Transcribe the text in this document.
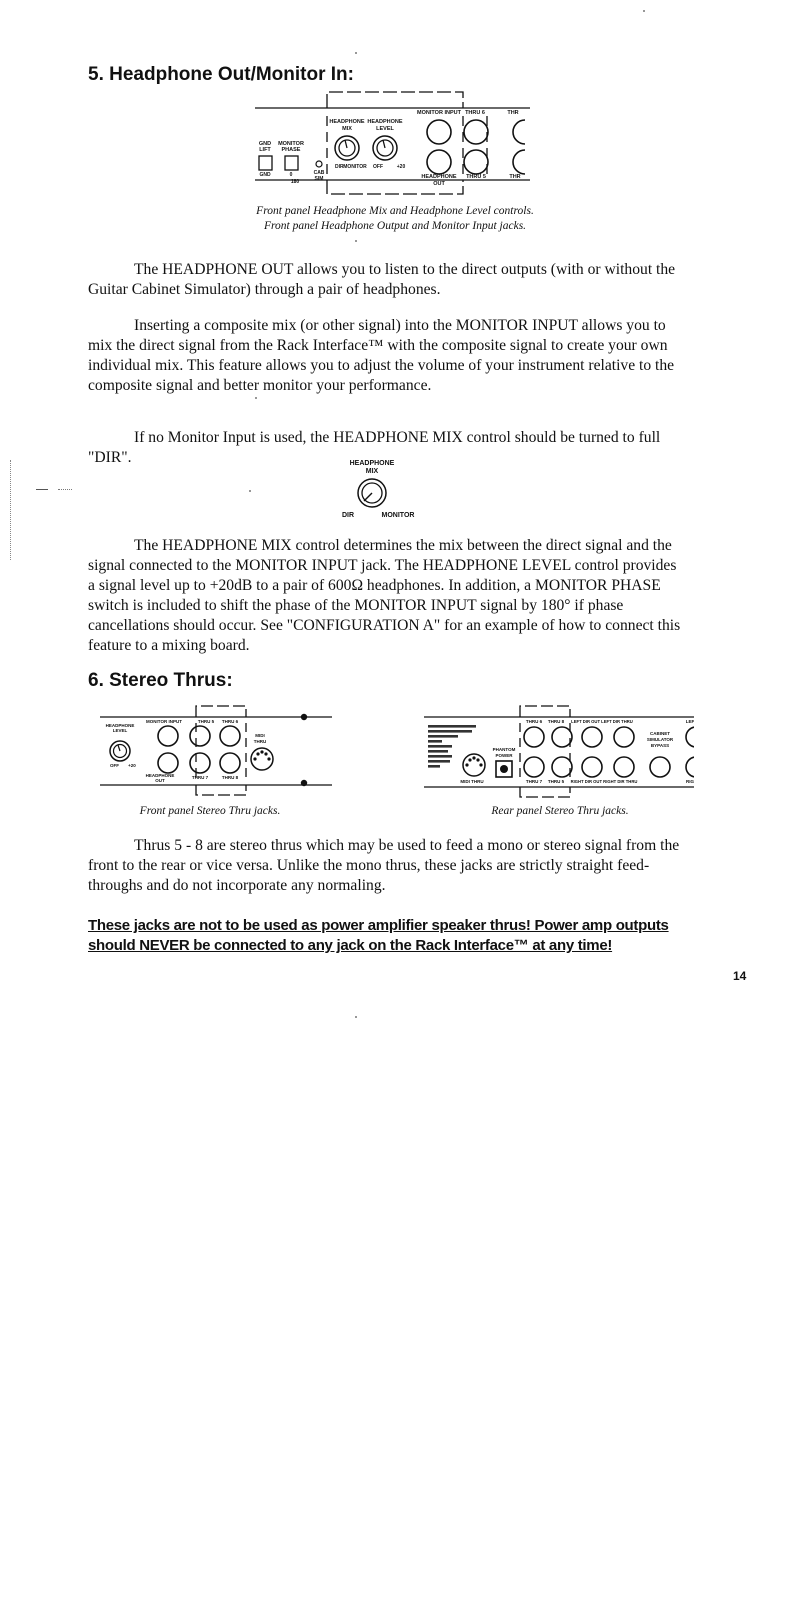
5. Headphone Out/Monitor In:
HEADPHONE
MIX
HEADPHONE
LEVEL
MONITOR INPUT THRU 6	THR
GND
LIFT
MONITOR
PHASE
GND	0
180
CAB
SIM
DIR MONITOR OFF	+20
HEADPHONE
OUT
THRU 5	THR
Front panel Headphone Mix and Headphone Level controls.
Front panel Headphone Output and Monitor Input jacks.

The HEADPHONE OUT allows you to listen to the direct outputs (with or without the Guitar Cabinet Simulator) through a pair of headphones.

Inserting a composite mix (or other signal) into the MONITOR INPUT allows you to mix the direct signal from the Rack Interface™ with the composite signal to create your own individual mix. This feature allows you to adjust the volume of your instrument relative to the composite signal and better monitor your performance.

If no Monitor Input is used, the HEADPHONE MIX control should be turned to full "DIR".	HEADPHONE
MIX
DIR	MONITOR

The HEADPHONE MIX control determines the mix between the direct signal and the signal connected to the MONITOR INPUT jack. The HEADPHONE LEVEL control provides a signal level up to +20dB to a pair of 600Ω headphones. In addition, a MONITOR PHASE switch is included to shift the phase of the MONITOR INPUT signal by 180° if phase cancellations should occur. See "CONFIGURATION A" for an example of how to connect this feature to a mixing board.

6. Stereo Thrus:
HEADPHONE
LEVEL
MONITOR INPUT	THRU 5 THRU 6
MIDI
THRU
OFF +20
HEADPHONE
OUT
THRU 7	THRU 8
Front panel Stereo Thru jacks.
THRU 6 THRU 8 LEFT DIR OUT LEFT DIR THRU	LEF
CABINET
SIMULATOR
BYPASS
MIDI THRU
PHANTOM
POWER
THRU 7 THRU 5 RIGHT DIR OUT RIGHT DIR THRU	RIG
Rear panel Stereo Thru jacks.

Thrus 5 - 8 are stereo thrus which may be used to feed a mono or stereo signal from the front to the rear or vice versa. Unlike the mono thrus, these jacks are strictly straight feed-throughs and do not incorporate any normaling.

These jacks are not to be used as power amplifier speaker thrus! Power amp outputs should NEVER be connected to any jack on the Rack Interface™ at any time!
14
